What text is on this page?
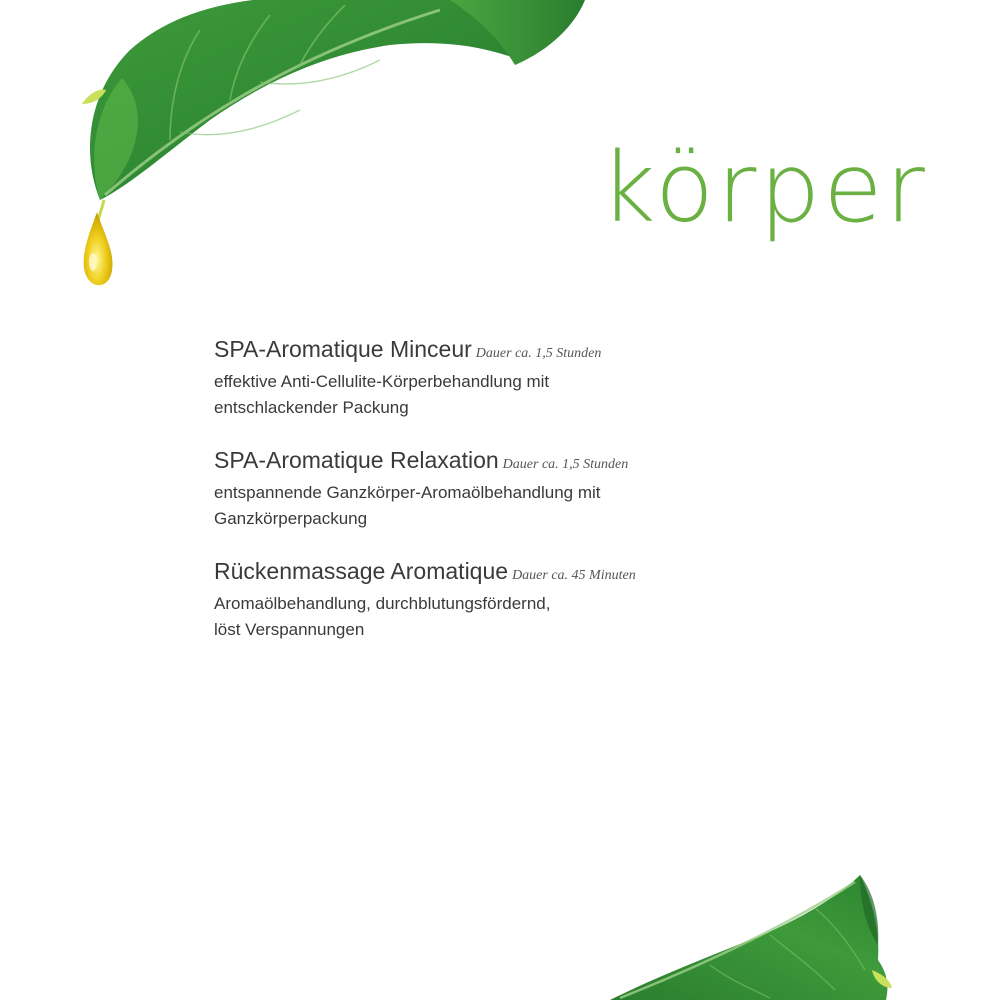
körper
SPA-Aromatique Minceur Dauer ca. 1,5 Stunden
effektive Anti-Cellulite-Körperbehandlung mit
entschlackender Packung
SPA-Aromatique Relaxation Dauer ca. 1,5 Stunden
entspannende Ganzkörper-Aromaölbehandlung mit
Ganzkörperpackung
Rückenmassage Aromatique Dauer ca. 45 Minuten
Aromaölbehandlung, durchblutungsfördernd,
löst Verspannungen
